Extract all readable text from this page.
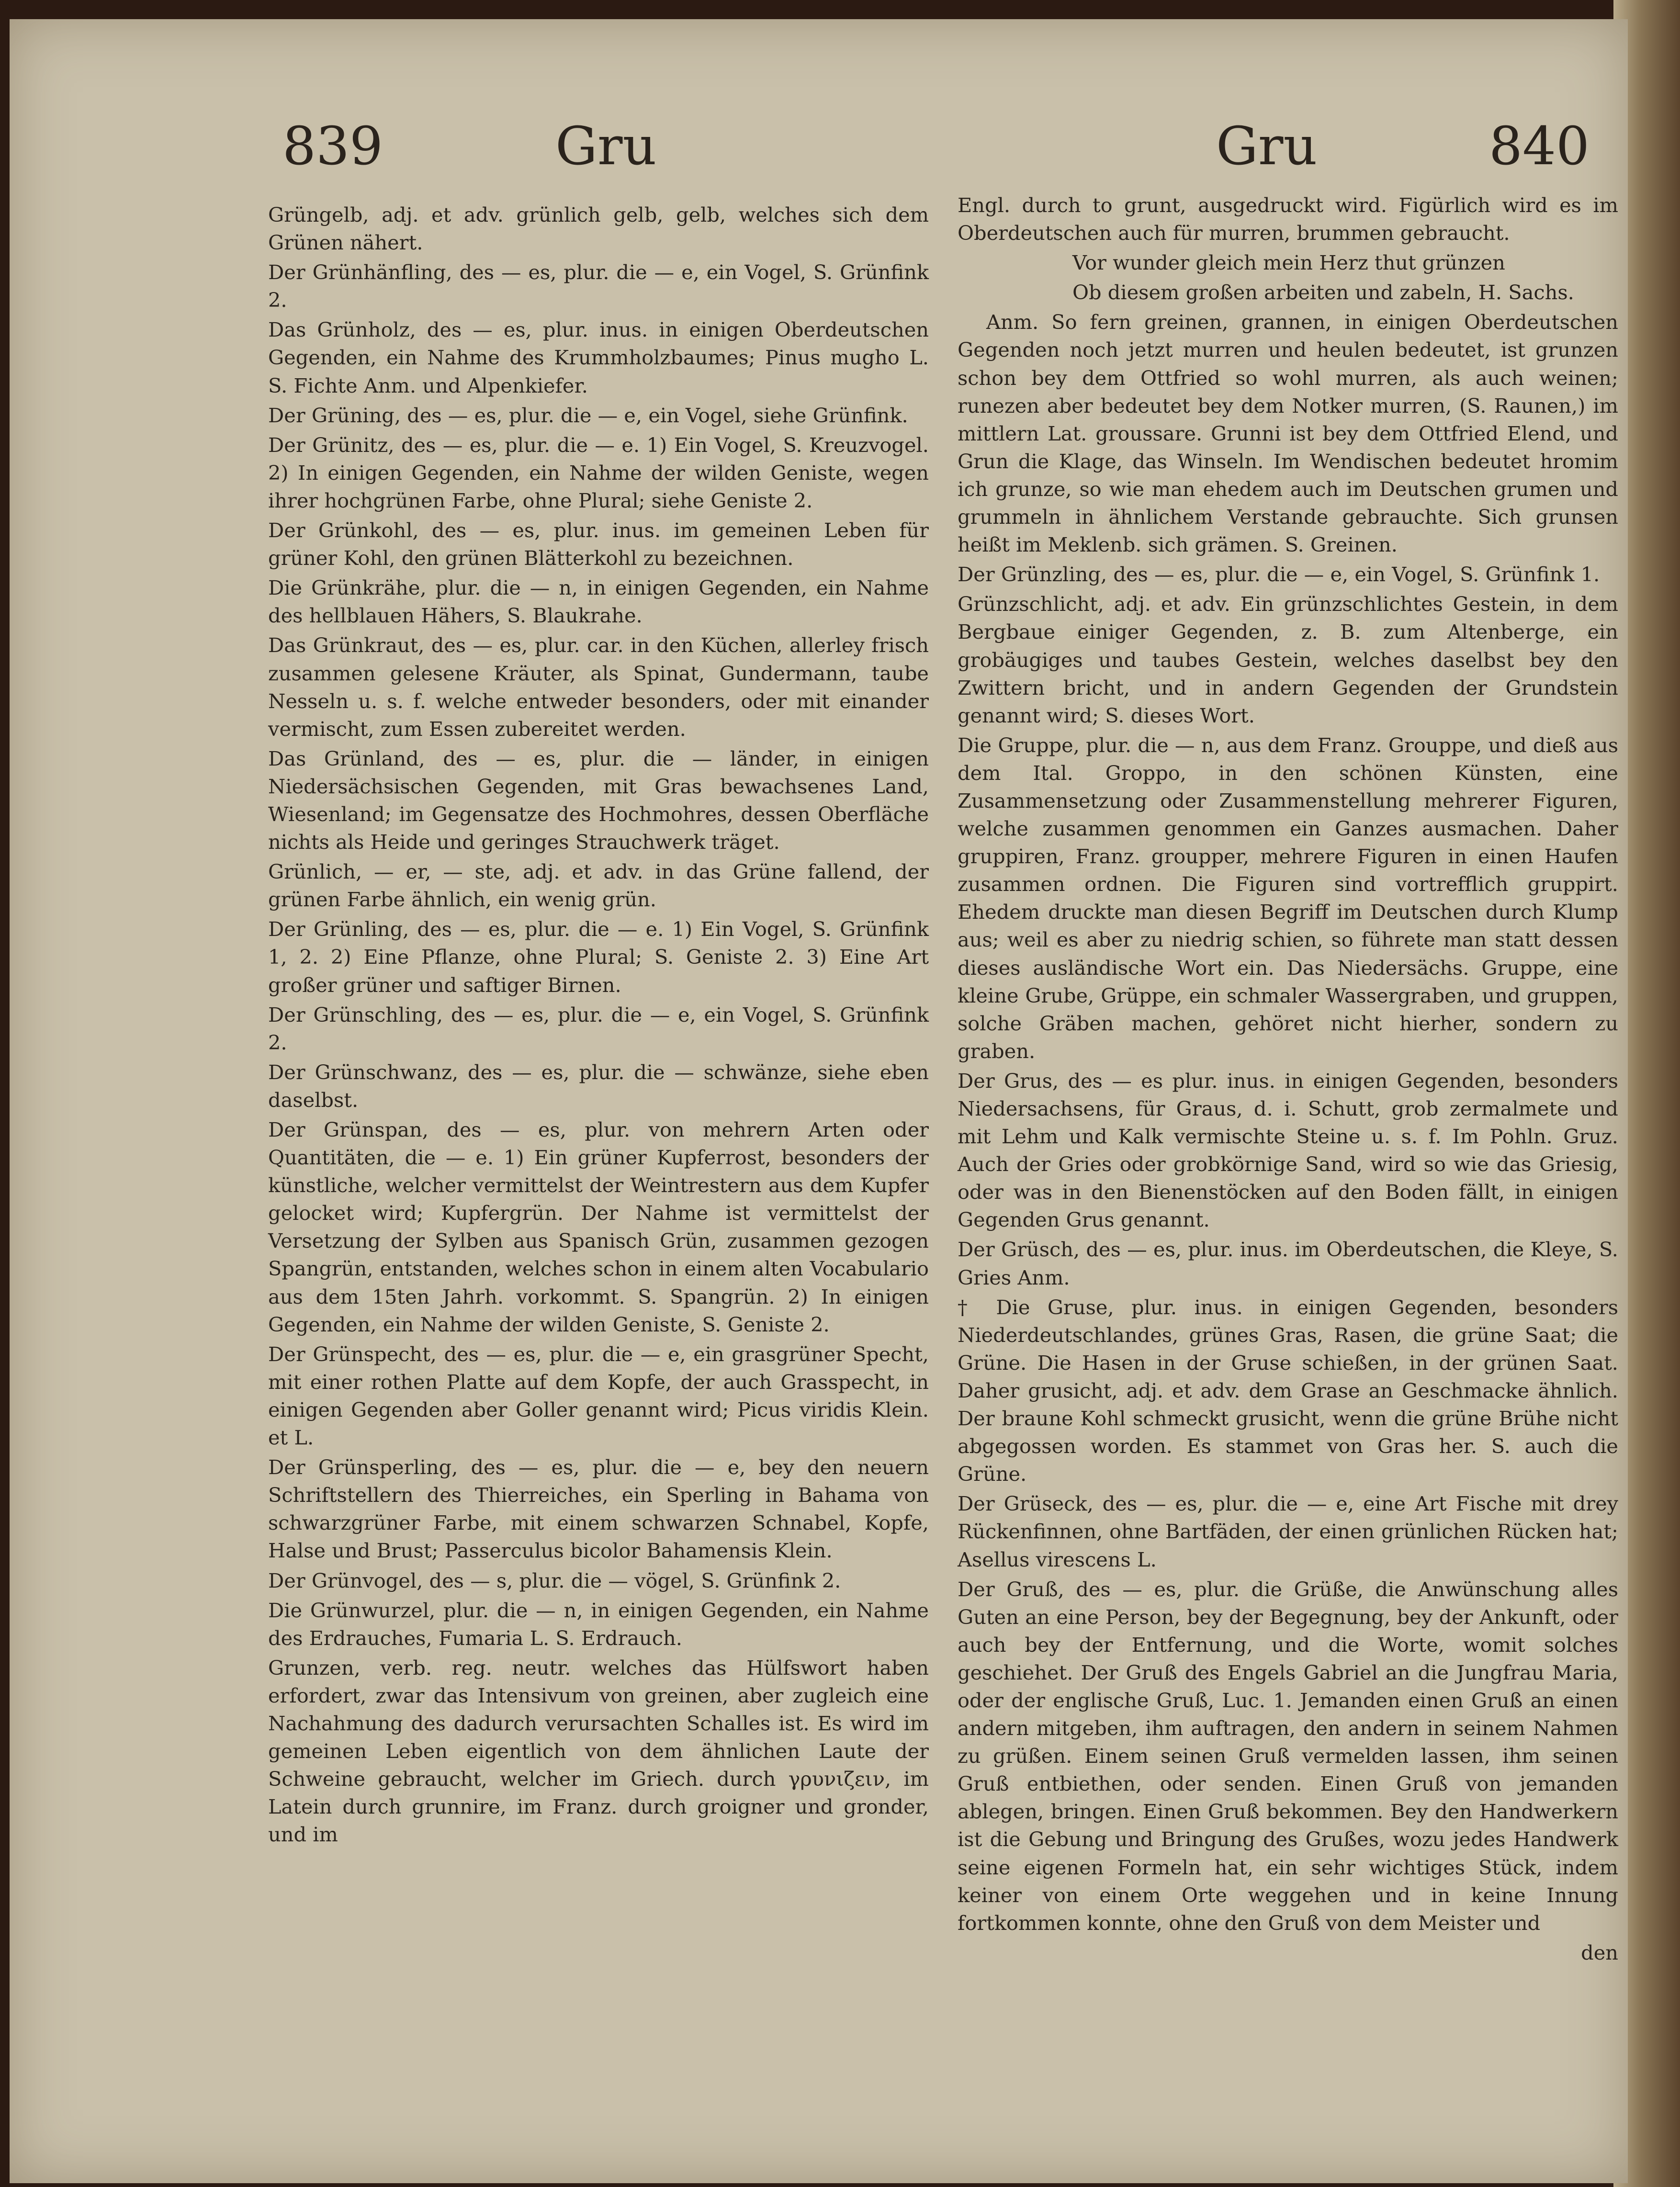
839	Gru	Gru	840
Grüngelb, adj. et adv. grünlich gelb, gelb, welches sich dem Grünen nähert.
Der Grünhänfling, des — es, plur. die — e, ein Vogel, S. Grünfink 2.
Das Grünholz, des — es, plur. inus. in einigen Oberdeutschen Gegenden, ein Nahme des Krummholzbaumes; Pinus mugho L. S. Fichte Anm. und Alpenkiefer.
Der Grüning, des — es, plur. die — e, ein Vogel, siehe Grünfink.
Der Grünitz, des — es, plur. die — e. 1) Ein Vogel, S. Kreuzvogel. 2) In einigen Gegenden, ein Nahme der wilden Geniste, wegen ihrer hochgrünen Farbe, ohne Plural; siehe Geniste 2.
Der Grünkohl, des — es, plur. inus. im gemeinen Leben für grüner Kohl, den grünen Blätterkohl zu bezeichnen.
Die Grünkrähe, plur. die — n, in einigen Gegenden, ein Nahme des hellblauen Hähers, S. Blaukrahe.
Das Grünkraut, des — es, plur. car. in den Küchen, allerley frisch zusammen gelesene Kräuter, als Spinat, Gundermann, taube Nesseln u. s. f. welche entweder besonders, oder mit einander vermischt, zum Essen zubereitet werden.
Das Grünland, des — es, plur. die — länder, in einigen Niedersächsischen Gegenden, mit Gras bewachsenes Land, Wiesenland; im Gegensatze des Hochmohres, dessen Oberfläche nichts als Heide und geringes Strauchwerk träget.
Grünlich, — er, — ste, adj. et adv. in das Grüne fallend, der grünen Farbe ähnlich, ein wenig grün.
Der Grünling, des — es, plur. die — e. 1) Ein Vogel, S. Grünfink 1, 2. 2) Eine Pflanze, ohne Plural; S. Geniste 2. 3) Eine Art großer grüner und saftiger Birnen.
Der Grünschling, des — es, plur. die — e, ein Vogel, S. Grünfink 2.
Der Grünschwanz, des — es, plur. die — schwänze, siehe eben daselbst.
Der Grünspan, des — es, plur. von mehrern Arten oder Quantitäten, die — e. 1) Ein grüner Kupferrost, besonders der künstliche, welcher vermittelst der Weintrestern aus dem Kupfer gelocket wird; Kupfergrün. Der Nahme ist vermittelst der Versetzung der Sylben aus Spanisch Grün, zusammen gezogen Spangrün, entstanden, welches schon in einem alten Vocabulario aus dem 15ten Jahrh. vorkommt. S. Spangrün. 2) In einigen Gegenden, ein Nahme der wilden Geniste, S. Geniste 2.
Der Grünspecht, des — es, plur. die — e, ein grasgrüner Specht, mit einer rothen Platte auf dem Kopfe, der auch Grasspecht, in einigen Gegenden aber Goller genannt wird; Picus viridis Klein. et L.
Der Grünsperling, des — es, plur. die — e, bey den neuern Schriftstellern des Thierreiches, ein Sperling in Bahama von schwarzgrüner Farbe, mit einem schwarzen Schnabel, Kopfe, Halse und Brust; Passerculus bicolor Bahamensis Klein.
Der Grünvogel, des — s, plur. die — vögel, S. Grünfink 2.
Die Grünwurzel, plur. die — n, in einigen Gegenden, ein Nahme des Erdrauches, Fumaria L. S. Erdrauch.
Grunzen, verb. reg. neutr. welches das Hülfswort haben erfordert, zwar das Intensivum von greinen, aber zugleich eine Nachahmung des dadurch verursachten Schalles ist. Es wird im gemeinen Leben eigentlich von dem ähnlichen Laute der Schweine gebraucht, welcher im Griech. durch γρυνιζειν, im Latein durch grunnire, im Franz. durch groigner und gronder, und im
Engl. durch to grunt, ausgedruckt wird. Figürlich wird es im Oberdeutschen auch für murren, brummen gebraucht.
Vor wunder gleich mein Herz thut grünzen
Ob diesem großen arbeiten und zabeln, H. Sachs.
Anm. So fern greinen, grannen, in einigen Oberdeutschen Gegenden noch jetzt murren und heulen bedeutet, ist grunzen schon bey dem Ottfried so wohl murren, als auch weinen; runezen aber bedeutet bey dem Notker murren, (S. Raunen,) im mittlern Lat. groussare. Grunni ist bey dem Ottfried Elend, und Grun die Klage, das Winseln. Im Wendischen bedeutet hromim ich grunze, so wie man ehedem auch im Deutschen grumen und grummeln in ähnlichem Verstande gebrauchte. Sich grunsen heißt im Meklenb. sich grämen. S. Greinen.
Der Grünzling, des — es, plur. die — e, ein Vogel, S. Grünfink 1.
Grünzschlicht, adj. et adv. Ein grünzschlichtes Gestein, in dem Bergbaue einiger Gegenden, z. B. zum Altenberge, ein grobäugiges und taubes Gestein, welches daselbst bey den Zwittern bricht, und in andern Gegenden der Grundstein genannt wird; S. dieses Wort.
Die Gruppe, plur. die — n, aus dem Franz. Grouppe, und dieß aus dem Ital. Groppo, in den schönen Künsten, eine Zusammensetzung oder Zusammenstellung mehrerer Figuren, welche zusammen genommen ein Ganzes ausmachen. Daher gruppiren, Franz. groupper, mehrere Figuren in einen Haufen zusammen ordnen. Die Figuren sind vortrefflich gruppirt. Ehedem druckte man diesen Begriff im Deutschen durch Klump aus; weil es aber zu niedrig schien, so führete man statt dessen dieses ausländische Wort ein. Das Niedersächs. Gruppe, eine kleine Grube, Grüppe, ein schmaler Wassergraben, und gruppen, solche Gräben machen, gehöret nicht hierher, sondern zu graben.
Der Grus, des — es plur. inus. in einigen Gegenden, besonders Niedersachsens, für Graus, d. i. Schutt, grob zermalmete und mit Lehm und Kalk vermischte Steine u. s. f. Im Pohln. Gruz. Auch der Gries oder grobkörnige Sand, wird so wie das Griesig, oder was in den Bienenstöcken auf den Boden fällt, in einigen Gegenden Grus genannt.
Der Grüsch, des — es, plur. inus. im Oberdeutschen, die Kleye, S. Gries Anm.
† Die Gruse, plur. inus. in einigen Gegenden, besonders Niederdeutschlandes, grünes Gras, Rasen, die grüne Saat; die Grüne. Die Hasen in der Gruse schießen, in der grünen Saat. Daher grusicht, adj. et adv. dem Grase an Geschmacke ähnlich. Der braune Kohl schmeckt grusicht, wenn die grüne Brühe nicht abgegossen worden. Es stammet von Gras her. S. auch die Grüne.
Der Grüseck, des — es, plur. die — e, eine Art Fische mit drey Rückenfinnen, ohne Bartfäden, der einen grünlichen Rücken hat; Asellus virescens L.
Der Gruß, des — es, plur. die Grüße, die Anwünschung alles Guten an eine Person, bey der Begegnung, bey der Ankunft, oder auch bey der Entfernung, und die Worte, womit solches geschiehet. Der Gruß des Engels Gabriel an die Jungfrau Maria, oder der englische Gruß, Luc. 1. Jemanden einen Gruß an einen andern mitgeben, ihm auftragen, den andern in seinem Nahmen zu grüßen. Einem seinen Gruß vermelden lassen, ihm seinen Gruß entbiethen, oder senden. Einen Gruß von jemanden ablegen, bringen. Einen Gruß bekommen. Bey den Handwerkern ist die Gebung und Bringung des Grußes, wozu jedes Handwerk seine eigenen Formeln hat, ein sehr wichtiges Stück, indem keiner von einem Orte weggehen und in keine Innung fortkommen konnte, ohne den Gruß von dem Meister und
den
